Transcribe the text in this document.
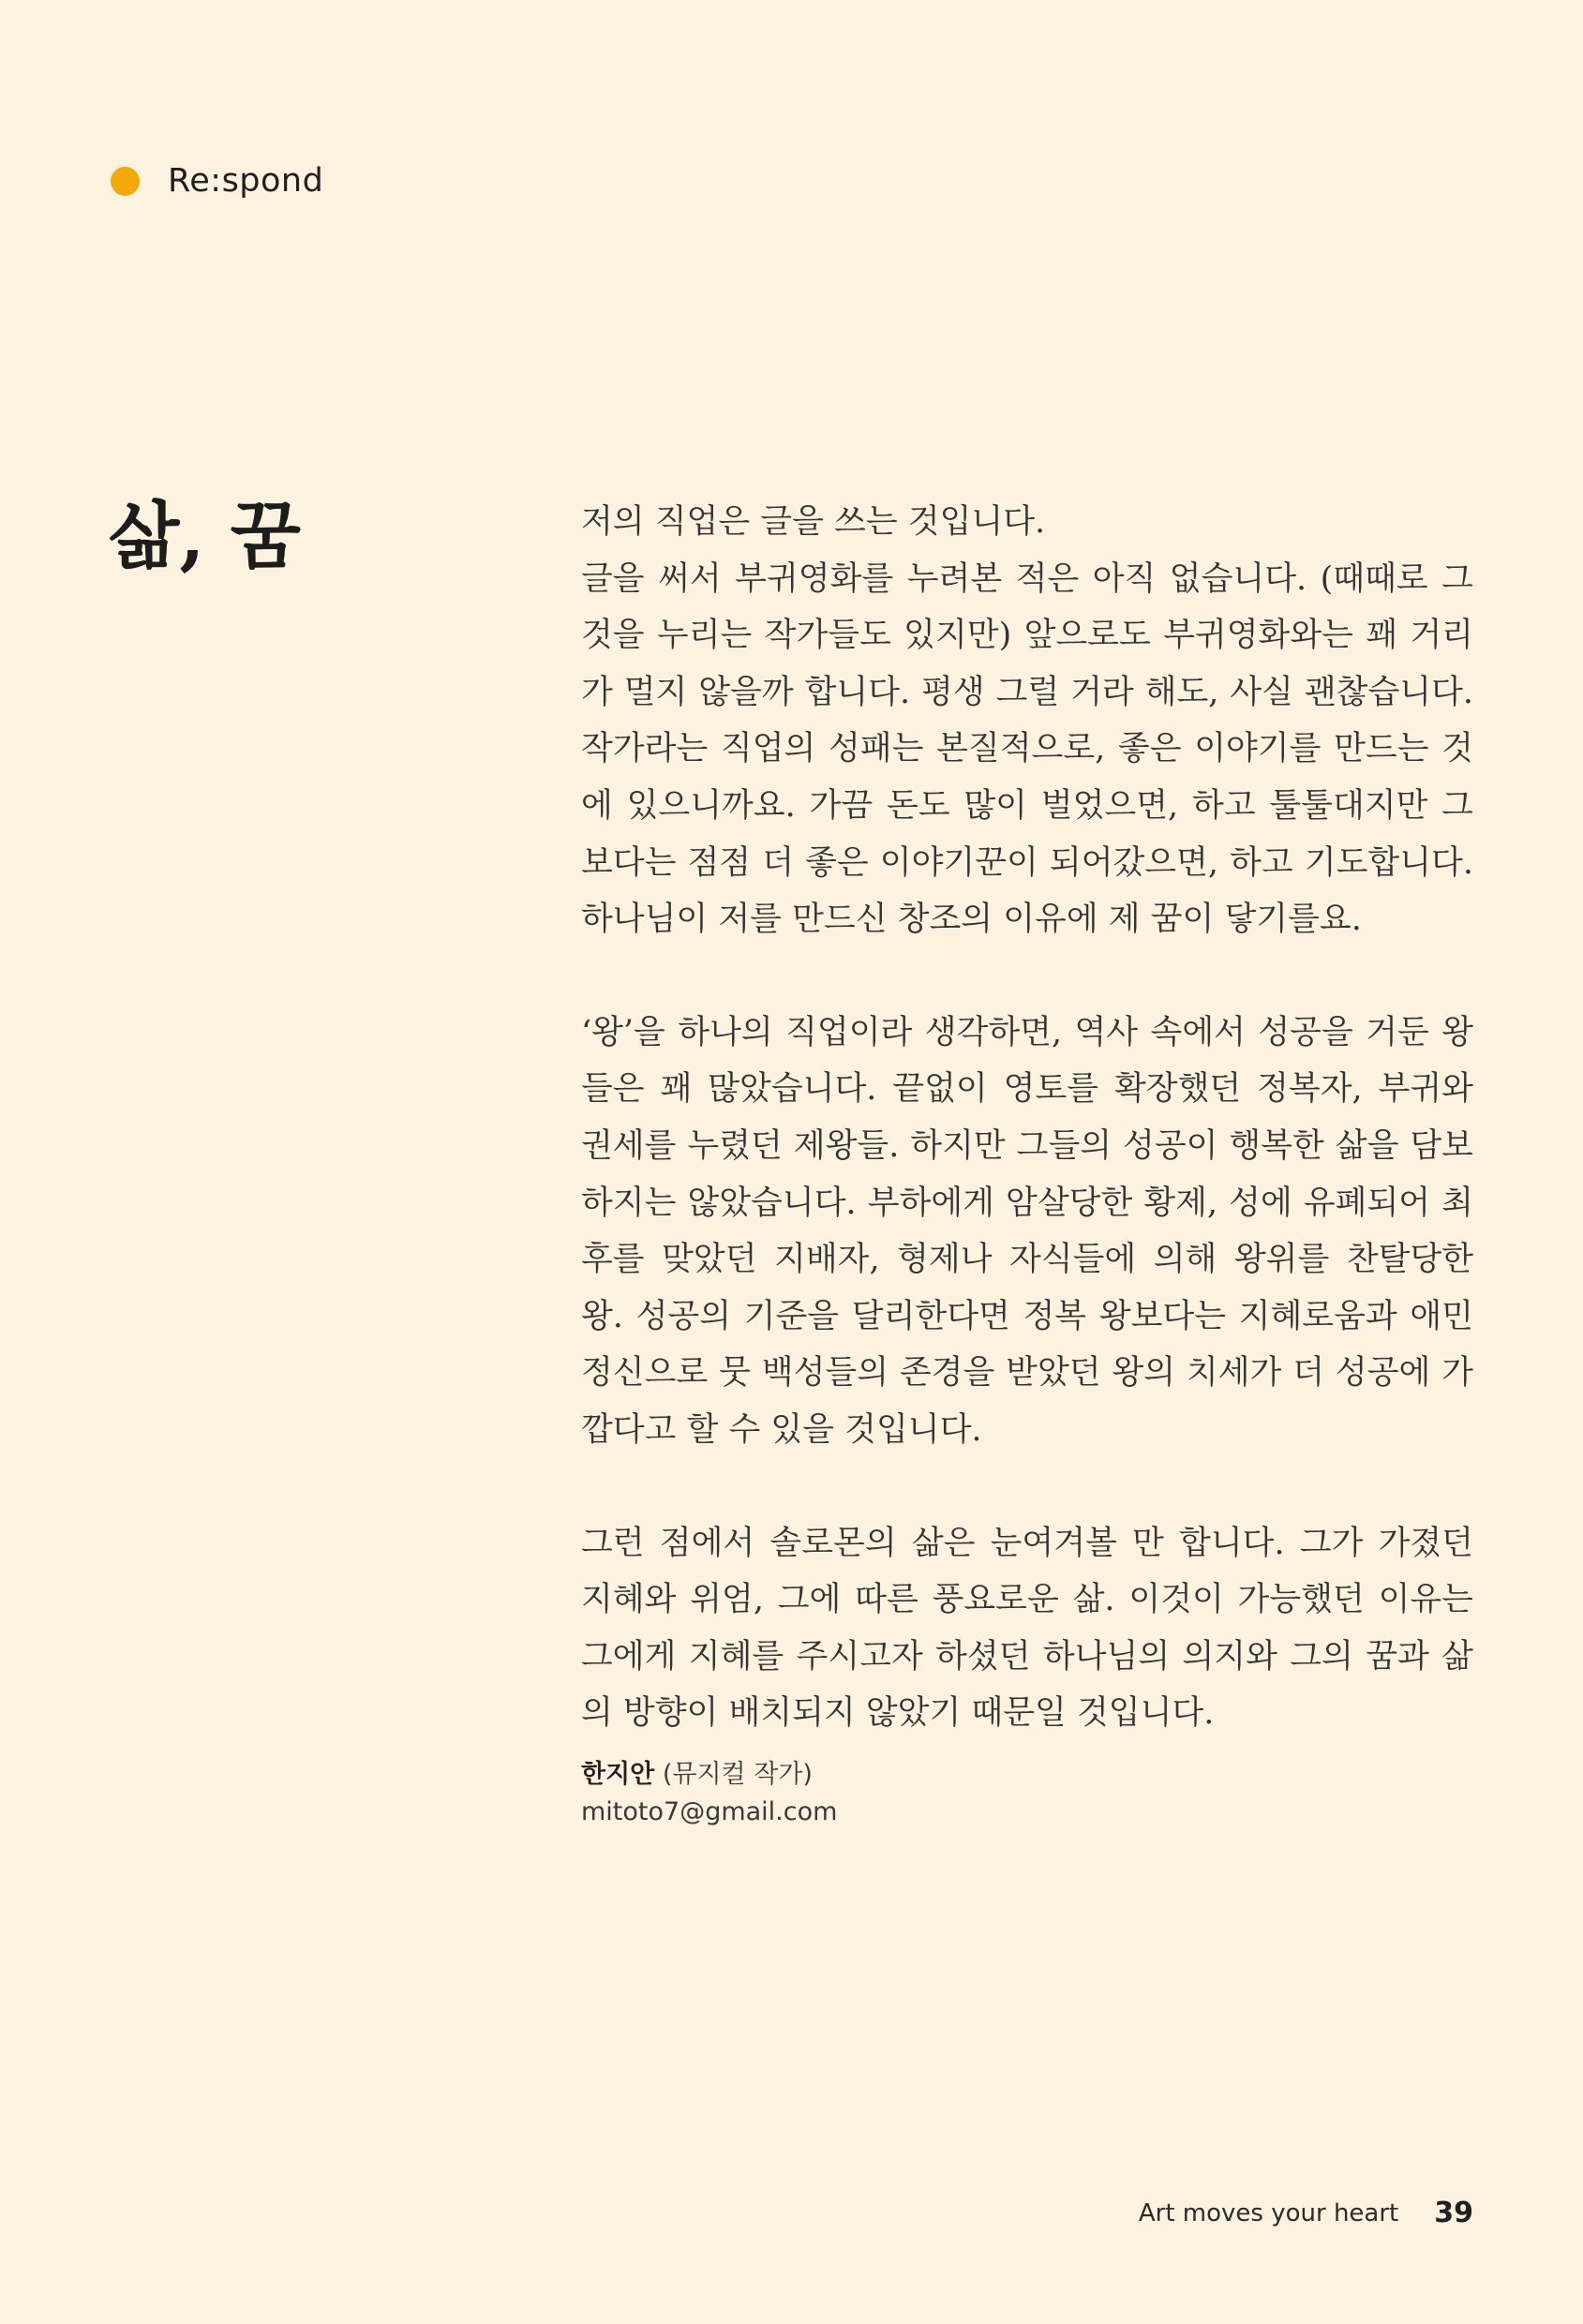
Re:spond
삶, 꿈	저의 직업은 글을 쓰는 것입니다.

글을 써서 부귀영화를 누려본 적은 아직 없습니다. (때때로 그것을 누리는 작가들도 있지만) 앞으로도 부귀영화와는 꽤 거리가 멀지 않을까 합니다. 평생 그럴 거라 해도, 사실 괜찮습니다. 작가라는 직업의 성패는 본질적으로, 좋은 이야기를 만드는 것에 있으니까요. 가끔 돈도 많이 벌었으면, 하고 툴툴대지만 그보다는 점점 더 좋은 이야기꾼이 되어갔으면, 하고 기도합니다. 하나님이 저를 만드신 창조의 이유에 제 꿈이 닿기를요.

‘왕’을 하나의 직업이라 생각하면, 역사 속에서 성공을 거둔 왕들은 꽤 많았습니다. 끝없이 영토를 확장했던 정복자, 부귀와 권세를 누렸던 제왕들. 하지만 그들의 성공이 행복한 삶을 담보하지는 않았습니다. 부하에게 암살당한 황제, 성에 유폐되어 최후를 맞았던 지배자, 형제나 자식들에 의해 왕위를 찬탈당한 왕. 성공의 기준을 달리한다면 정복 왕보다는 지혜로움과 애민정신으로 뭇 백성들의 존경을 받았던 왕의 치세가 더 성공에 가깝다고 할 수 있을 것입니다.

그런 점에서 솔로몬의 삶은 눈여겨볼 만 합니다. 그가 가졌던 지혜와 위엄, 그에 따른 풍요로운 삶. 이것이 가능했던 이유는 그에게 지혜를 주시고자 하셨던 하나님의 의지와 그의 꿈과 삶의 방향이 배치되지 않았기 때문일 것입니다.

한지안 (뮤지컬 작가)
mitoto7@gmail.com
Art moves your heart 39
